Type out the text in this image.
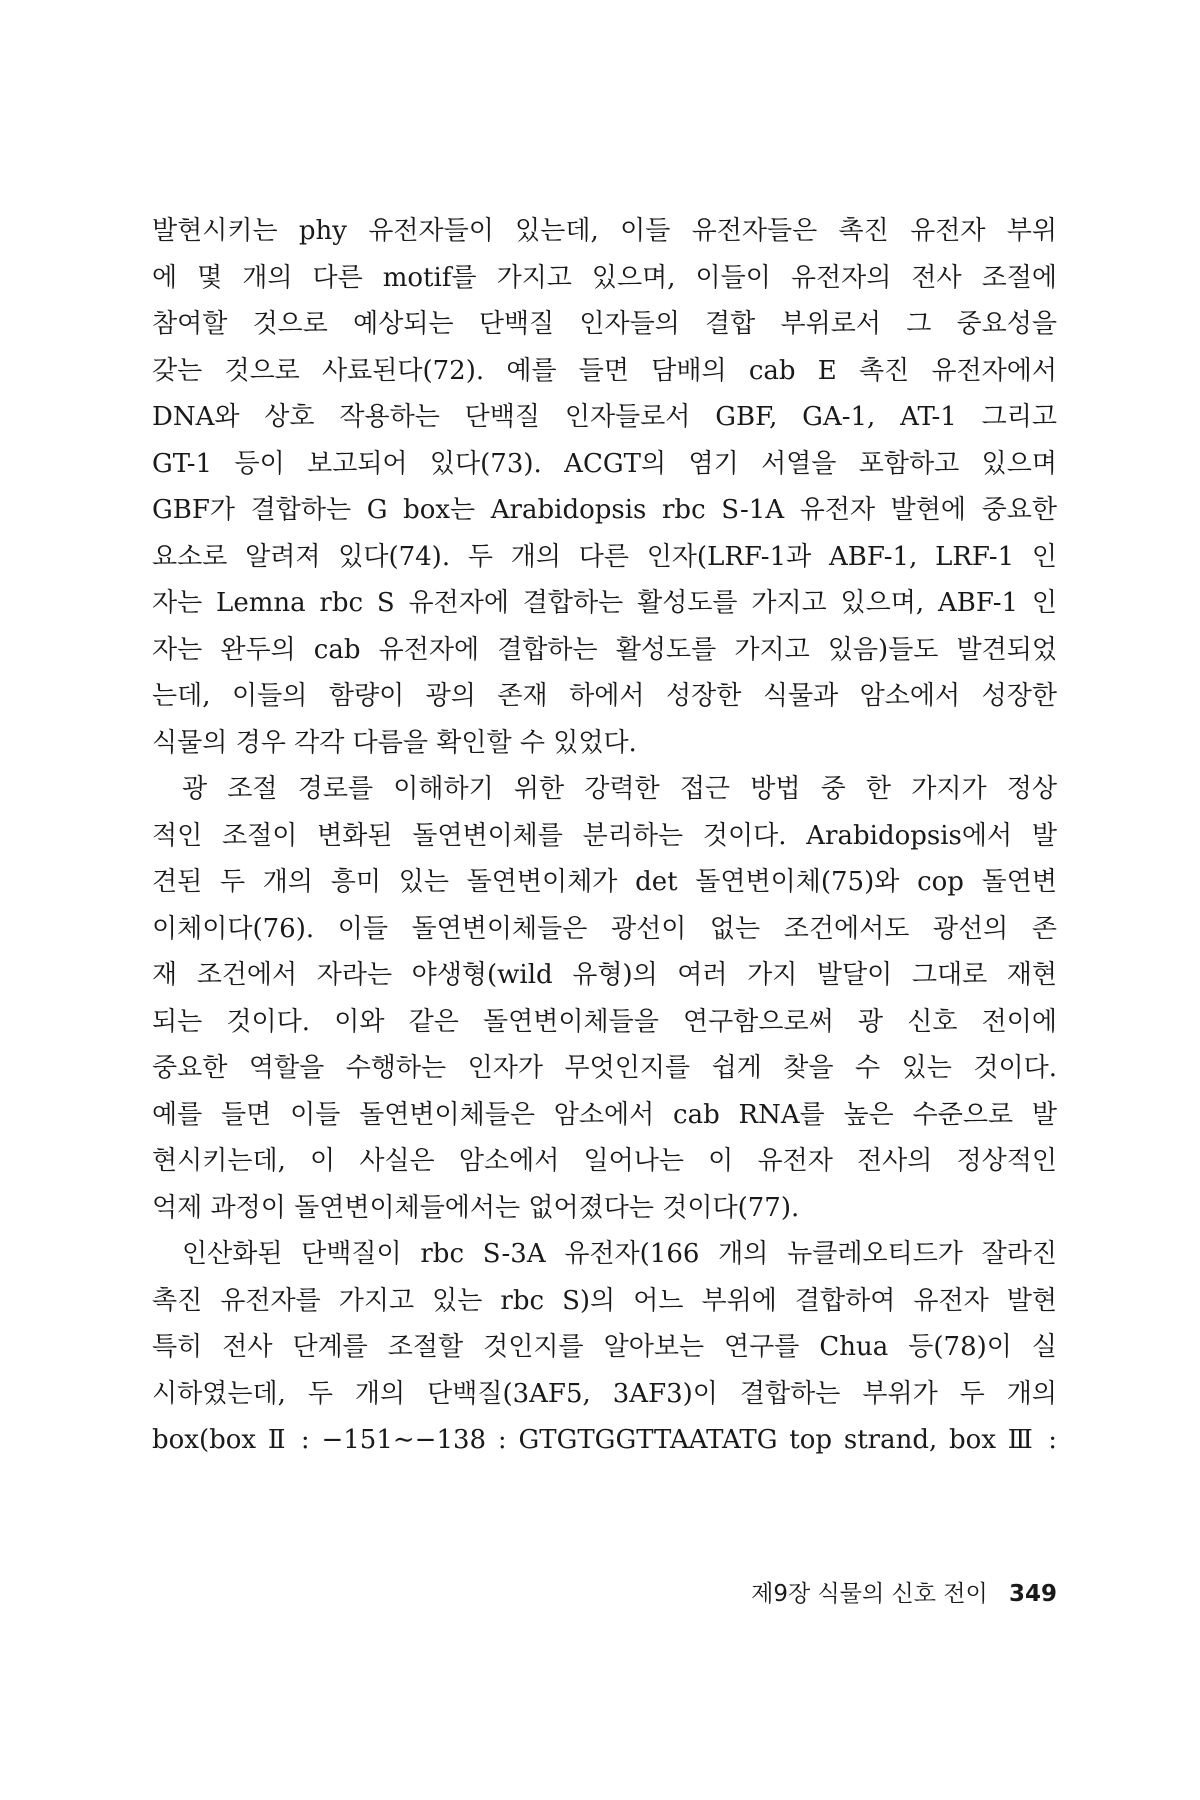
발현시키는 phy 유전자들이 있는데, 이들 유전자들은 촉진 유전자 부위
에 몇 개의 다른 motif를 가지고 있으며, 이들이 유전자의 전사 조절에
참여할 것으로 예상되는 단백질 인자들의 결합 부위로서 그 중요성을
갖는 것으로 사료된다(72). 예를 들면 담배의 cab E 촉진 유전자에서
DNA와 상호 작용하는 단백질 인자들로서 GBF, GA-1, AT-1 그리고
GT-1 등이 보고되어 있다(73). ACGT의 염기 서열을 포함하고 있으며
GBF가 결합하는 G box는 Arabidopsis rbc S-1A 유전자 발현에 중요한
요소로 알려져 있다(74). 두 개의 다른 인자(LRF-1과 ABF-1, LRF-1 인
자는 Lemna rbc S 유전자에 결합하는 활성도를 가지고 있으며, ABF-1 인
자는 완두의 cab 유전자에 결합하는 활성도를 가지고 있음)들도 발견되었
는데, 이들의 함량이 광의 존재 하에서 성장한 식물과 암소에서 성장한
식물의 경우 각각 다름을 확인할 수 있었다.
광 조절 경로를 이해하기 위한 강력한 접근 방법 중 한 가지가 정상
적인 조절이 변화된 돌연변이체를 분리하는 것이다. Arabidopsis에서 발
견된 두 개의 흥미 있는 돌연변이체가 det 돌연변이체(75)와 cop 돌연변
이체이다(76). 이들 돌연변이체들은 광선이 없는 조건에서도 광선의 존
재 조건에서 자라는 야생형(wild 유형)의 여러 가지 발달이 그대로 재현
되는 것이다. 이와 같은 돌연변이체들을 연구함으로써 광 신호 전이에
중요한 역할을 수행하는 인자가 무엇인지를 쉽게 찾을 수 있는 것이다.
예를 들면 이들 돌연변이체들은 암소에서 cab RNA를 높은 수준으로 발
현시키는데, 이 사실은 암소에서 일어나는 이 유전자 전사의 정상적인
억제 과정이 돌연변이체들에서는 없어졌다는 것이다(77).
인산화된 단백질이 rbc S-3A 유전자(166 개의 뉴클레오티드가 잘라진
촉진 유전자를 가지고 있는 rbc S)의 어느 부위에 결합하여 유전자 발현
특히 전사 단계를 조절할 것인지를 알아보는 연구를 Chua 등(78)이 실
시하였는데, 두 개의 단백질(3AF5, 3AF3)이 결합하는 부위가 두 개의
box(box Ⅱ : −151∼−138 : GTGTGGTTAATATG top strand, box Ⅲ :
제9장 식물의 신호 전이 349
